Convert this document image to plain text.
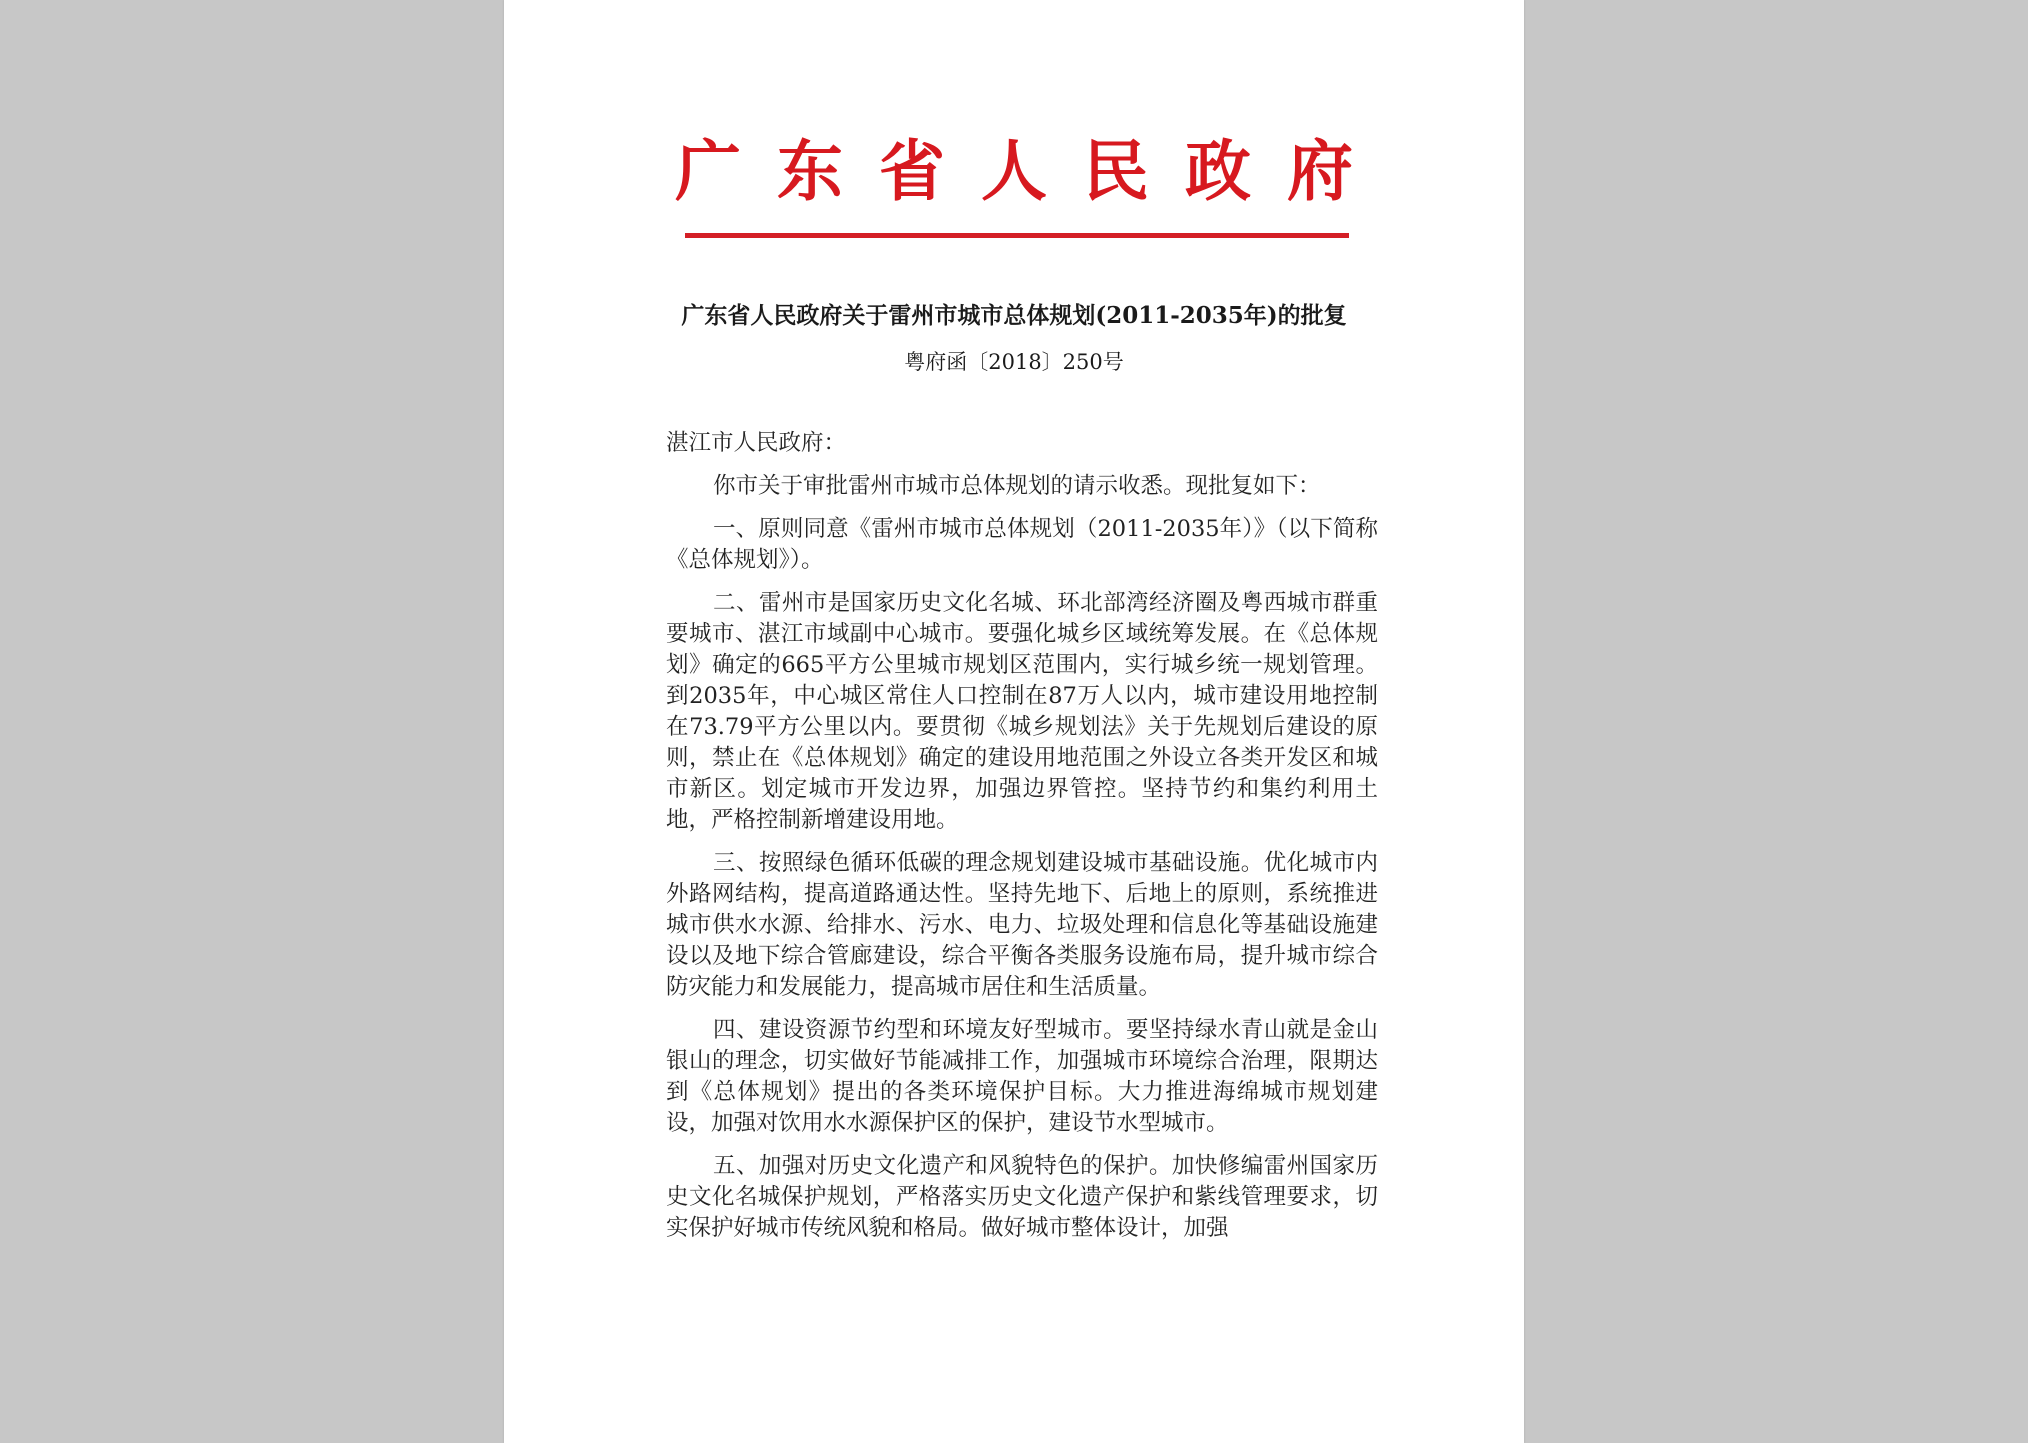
广东省人民政府
广东省人民政府关于雷州市城市总体规划(2011-2035年)的批复
粤府函〔2018〕250号

湛江市人民政府：

你市关于审批雷州市城市总体规划的请示收悉。现批复如下：

一、原则同意《雷州市城市总体规划（2011-2035年）》（以下简称《总体规划》）。

二、雷州市是国家历史文化名城、环北部湾经济圈及粤西城市群重要城市、湛江市域副中心城市。要强化城乡区域统筹发展。在《总体规划》确定的665平方公里城市规划区范围内，实行城乡统一规划管理。到2035年，中心城区常住人口控制在87万人以内，城市建设用地控制在73.79平方公里以内。要贯彻《城乡规划法》关于先规划后建设的原则，禁止在《总体规划》确定的建设用地范围之外设立各类开发区和城市新区。划定城市开发边界，加强边界管控。坚持节约和集约利用土地，严格控制新增建设用地。

三、按照绿色循环低碳的理念规划建设城市基础设施。优化城市内外路网结构，提高道路通达性。坚持先地下、后地上的原则，系统推进城市供水水源、给排水、污水、电力、垃圾处理和信息化等基础设施建设以及地下综合管廊建设，综合平衡各类服务设施布局，提升城市综合防灾能力和发展能力，提高城市居住和生活质量。

四、建设资源节约型和环境友好型城市。要坚持绿水青山就是金山银山的理念，切实做好节能减排工作，加强城市环境综合治理，限期达到《总体规划》提出的各类环境保护目标。大力推进海绵城市规划建设，加强对饮用水水源保护区的保护，建设节水型城市。

五、加强对历史文化遗产和风貌特色的保护。加快修编雷州国家历史文化名城保护规划，严格落实历史文化遗产保护和紫线管理要求，切实保护好城市传统风貌和格局。做好城市整体设计，加强
